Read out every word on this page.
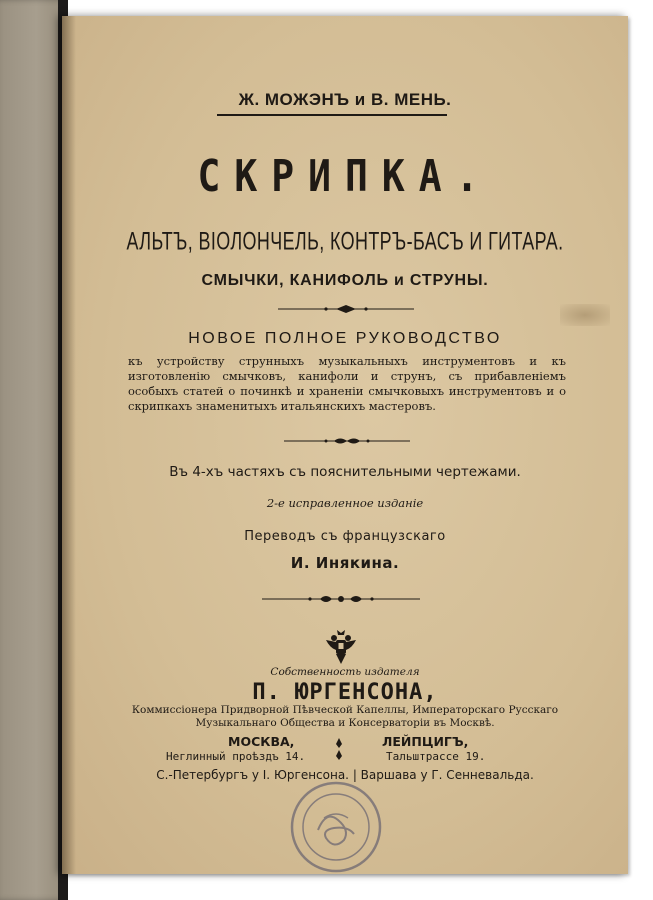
Ж. МОЖЭНЪ и В. МЕНЬ.

СКРИПКА.

АЛЬТЪ, ВІОЛОНЧЕЛЬ, КОНТРЪ-БАСЪ И ГИТАРА.

СМЫЧКИ, КАНИФОЛЬ и СТРУНЫ.

НОВОЕ ПОЛНОЕ РУКОВОДСТВО

къ устройству струнныхъ музыкальныхъ инструментовъ и къ изготовленію смычковъ, канифоли и струнъ, съ прибавленіемъ особыхъ статей о починкѣ и храненіи смычковыхъ инструментовъ и о скрипкахъ знаменитыхъ итальянскихъ мастеровъ.

Въ 4-хъ частяхъ съ пояснительными чертежами.

2-е исправленное изданіе

Переводъ съ французскаго

И. Инякина.

Собственность издателя

П. ЮРГЕНСОНА,

Коммиссіонера Придворной Пѣвческой Капеллы, Императорскаго Русскаго Музыкальнаго Общества и Консерваторіи въ Москвѣ.

МОСКВА,

Неглинный проѣздъ 14.

ЛЕЙПЦИГЪ,

Тальштрассе 19.

С.-Петербургъ у І. Юргенсона. | Варшава у Г. Сенневальда.
